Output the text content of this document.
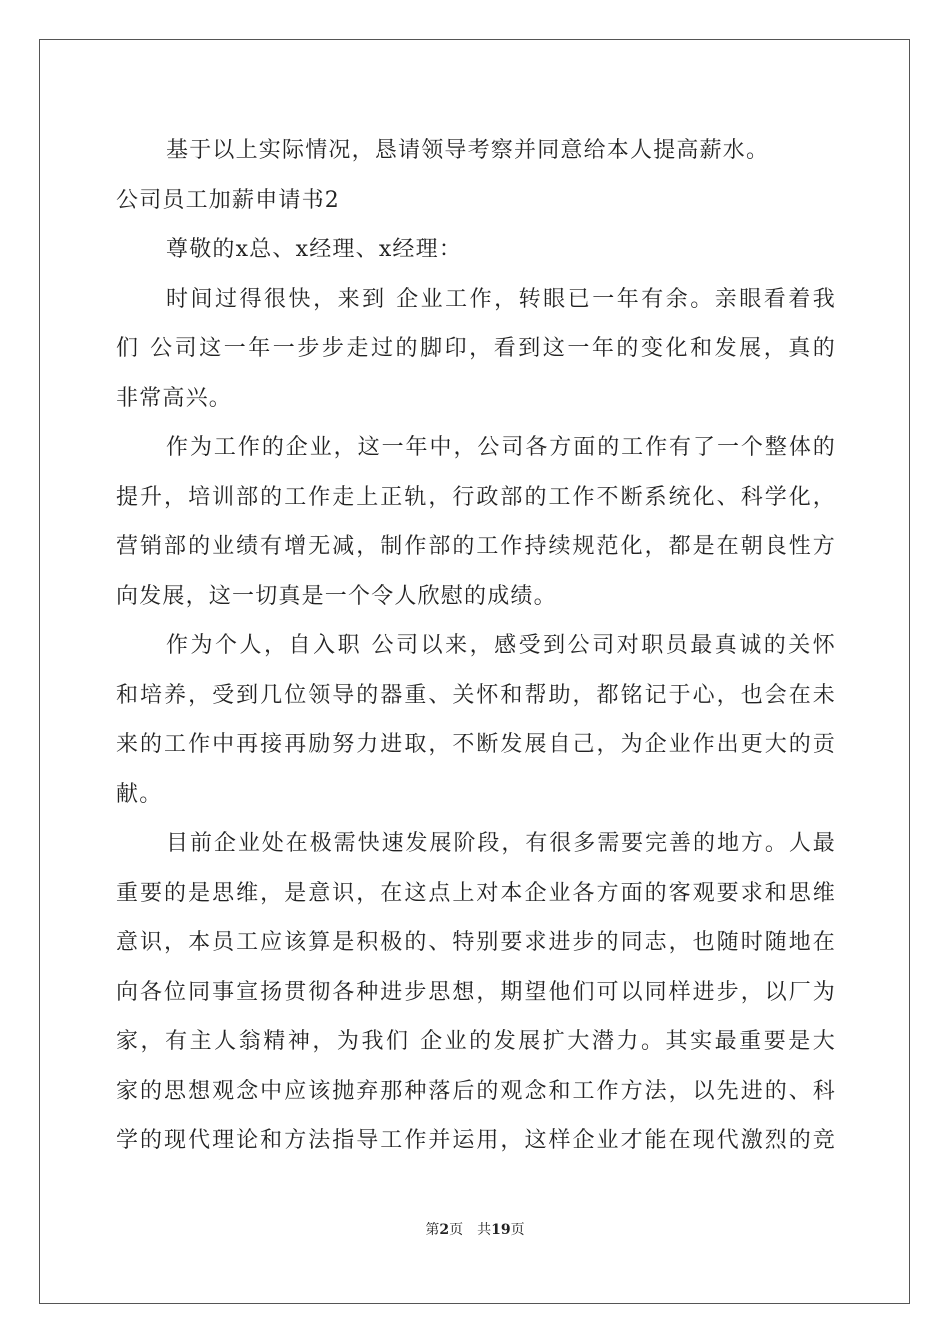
基于以上实际情况，恳请领导考察并同意给本人提高薪水。
公司员工加薪申请书2
尊敬的x总、x经理、x经理：
时间过得很快，来到 企业工作，转眼已一年有余。亲眼看着我
们 公司这一年一步步走过的脚印，看到这一年的变化和发展，真的
非常高兴。
作为工作的企业，这一年中，公司各方面的工作有了一个整体的
提升，培训部的工作走上正轨，行政部的工作不断系统化、科学化，
营销部的业绩有增无减，制作部的工作持续规范化，都是在朝良性方
向发展，这一切真是一个令人欣慰的成绩。
作为个人，自入职 公司以来，感受到公司对职员最真诚的关怀
和培养，受到几位领导的器重、关怀和帮助，都铭记于心，也会在未
来的工作中再接再励努力进取，不断发展自己，为企业作出更大的贡
献。
目前企业处在极需快速发展阶段，有很多需要完善的地方。人最
重要的是思维，是意识，在这点上对本企业各方面的客观要求和思维
意识，本员工应该算是积极的、特别要求进步的同志，也随时随地在
向各位同事宣扬贯彻各种进步思想，期望他们可以同样进步，以厂为
家，有主人翁精神，为我们 企业的发展扩大潜力。其实最重要是大
家的思想观念中应该抛弃那种落后的观念和工作方法，以先进的、科
学的现代理论和方法指导工作并运用，这样企业才能在现代激烈的竞
第2页 共19页
